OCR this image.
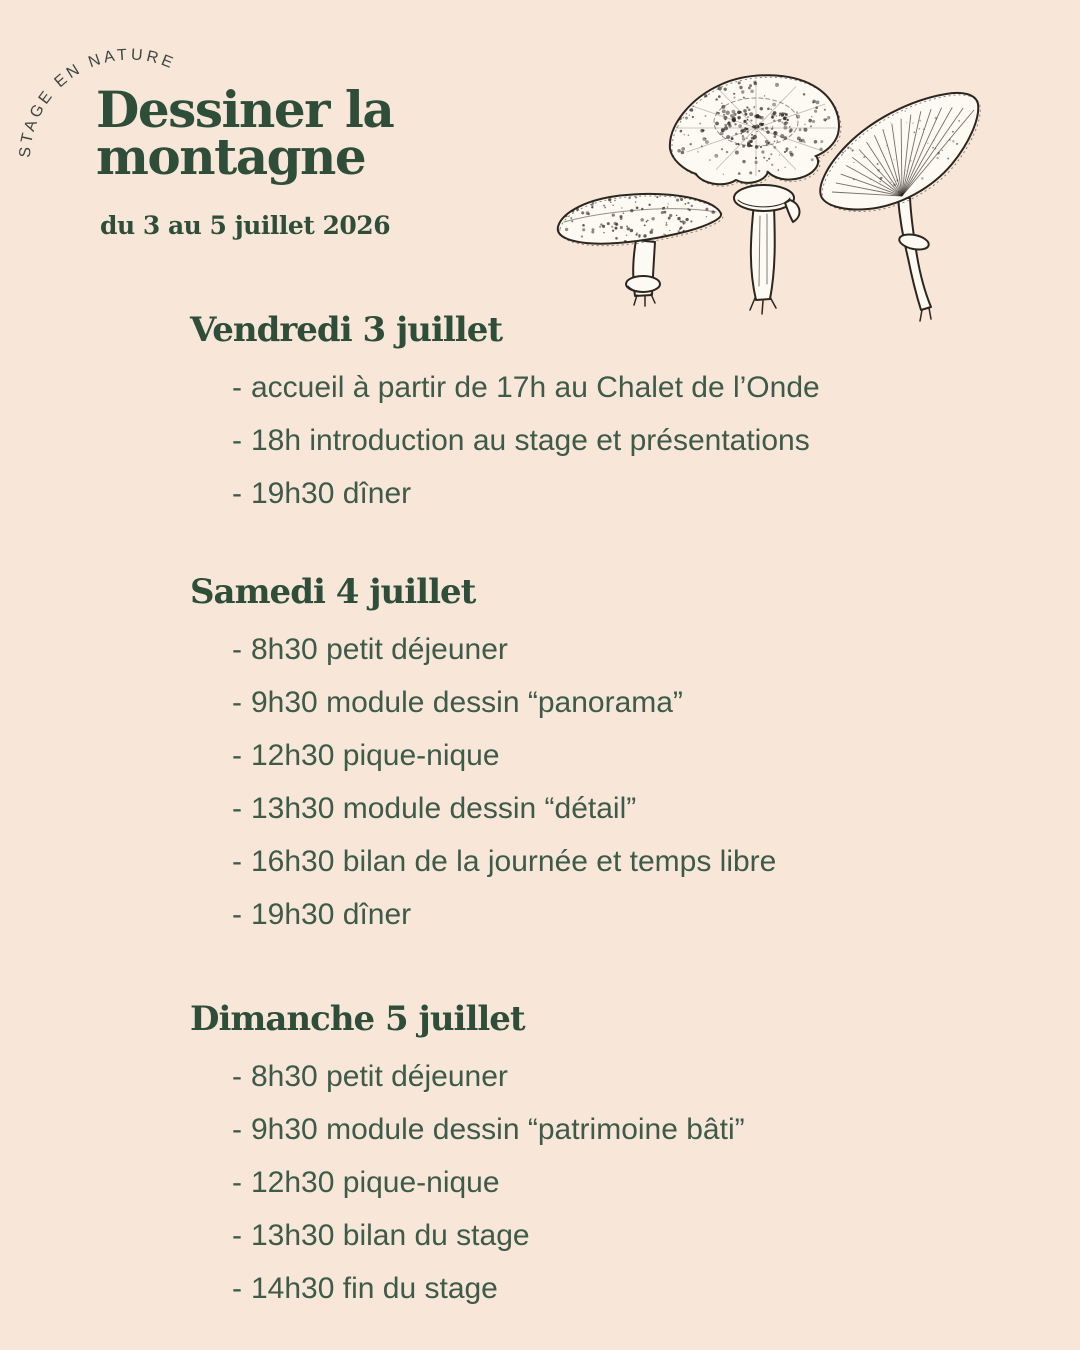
STAGE EN NATURE
Dessiner la
montagne
du 3 au 5 juillet 2026
Vendredi 3 juillet
- accueil à partir de 17h au Chalet de l’Onde
- 18h introduction au stage et présentations
- 19h30 dîner
Samedi 4 juillet
- 8h30 petit déjeuner
- 9h30 module dessin “panorama”
- 12h30 pique-nique
- 13h30 module dessin “détail”
- 16h30 bilan de la journée et temps libre
- 19h30 dîner
Dimanche 5 juillet
- 8h30 petit déjeuner
- 9h30 module dessin “patrimoine bâti”
- 12h30 pique-nique
- 13h30 bilan du stage
- 14h30 fin du stage
